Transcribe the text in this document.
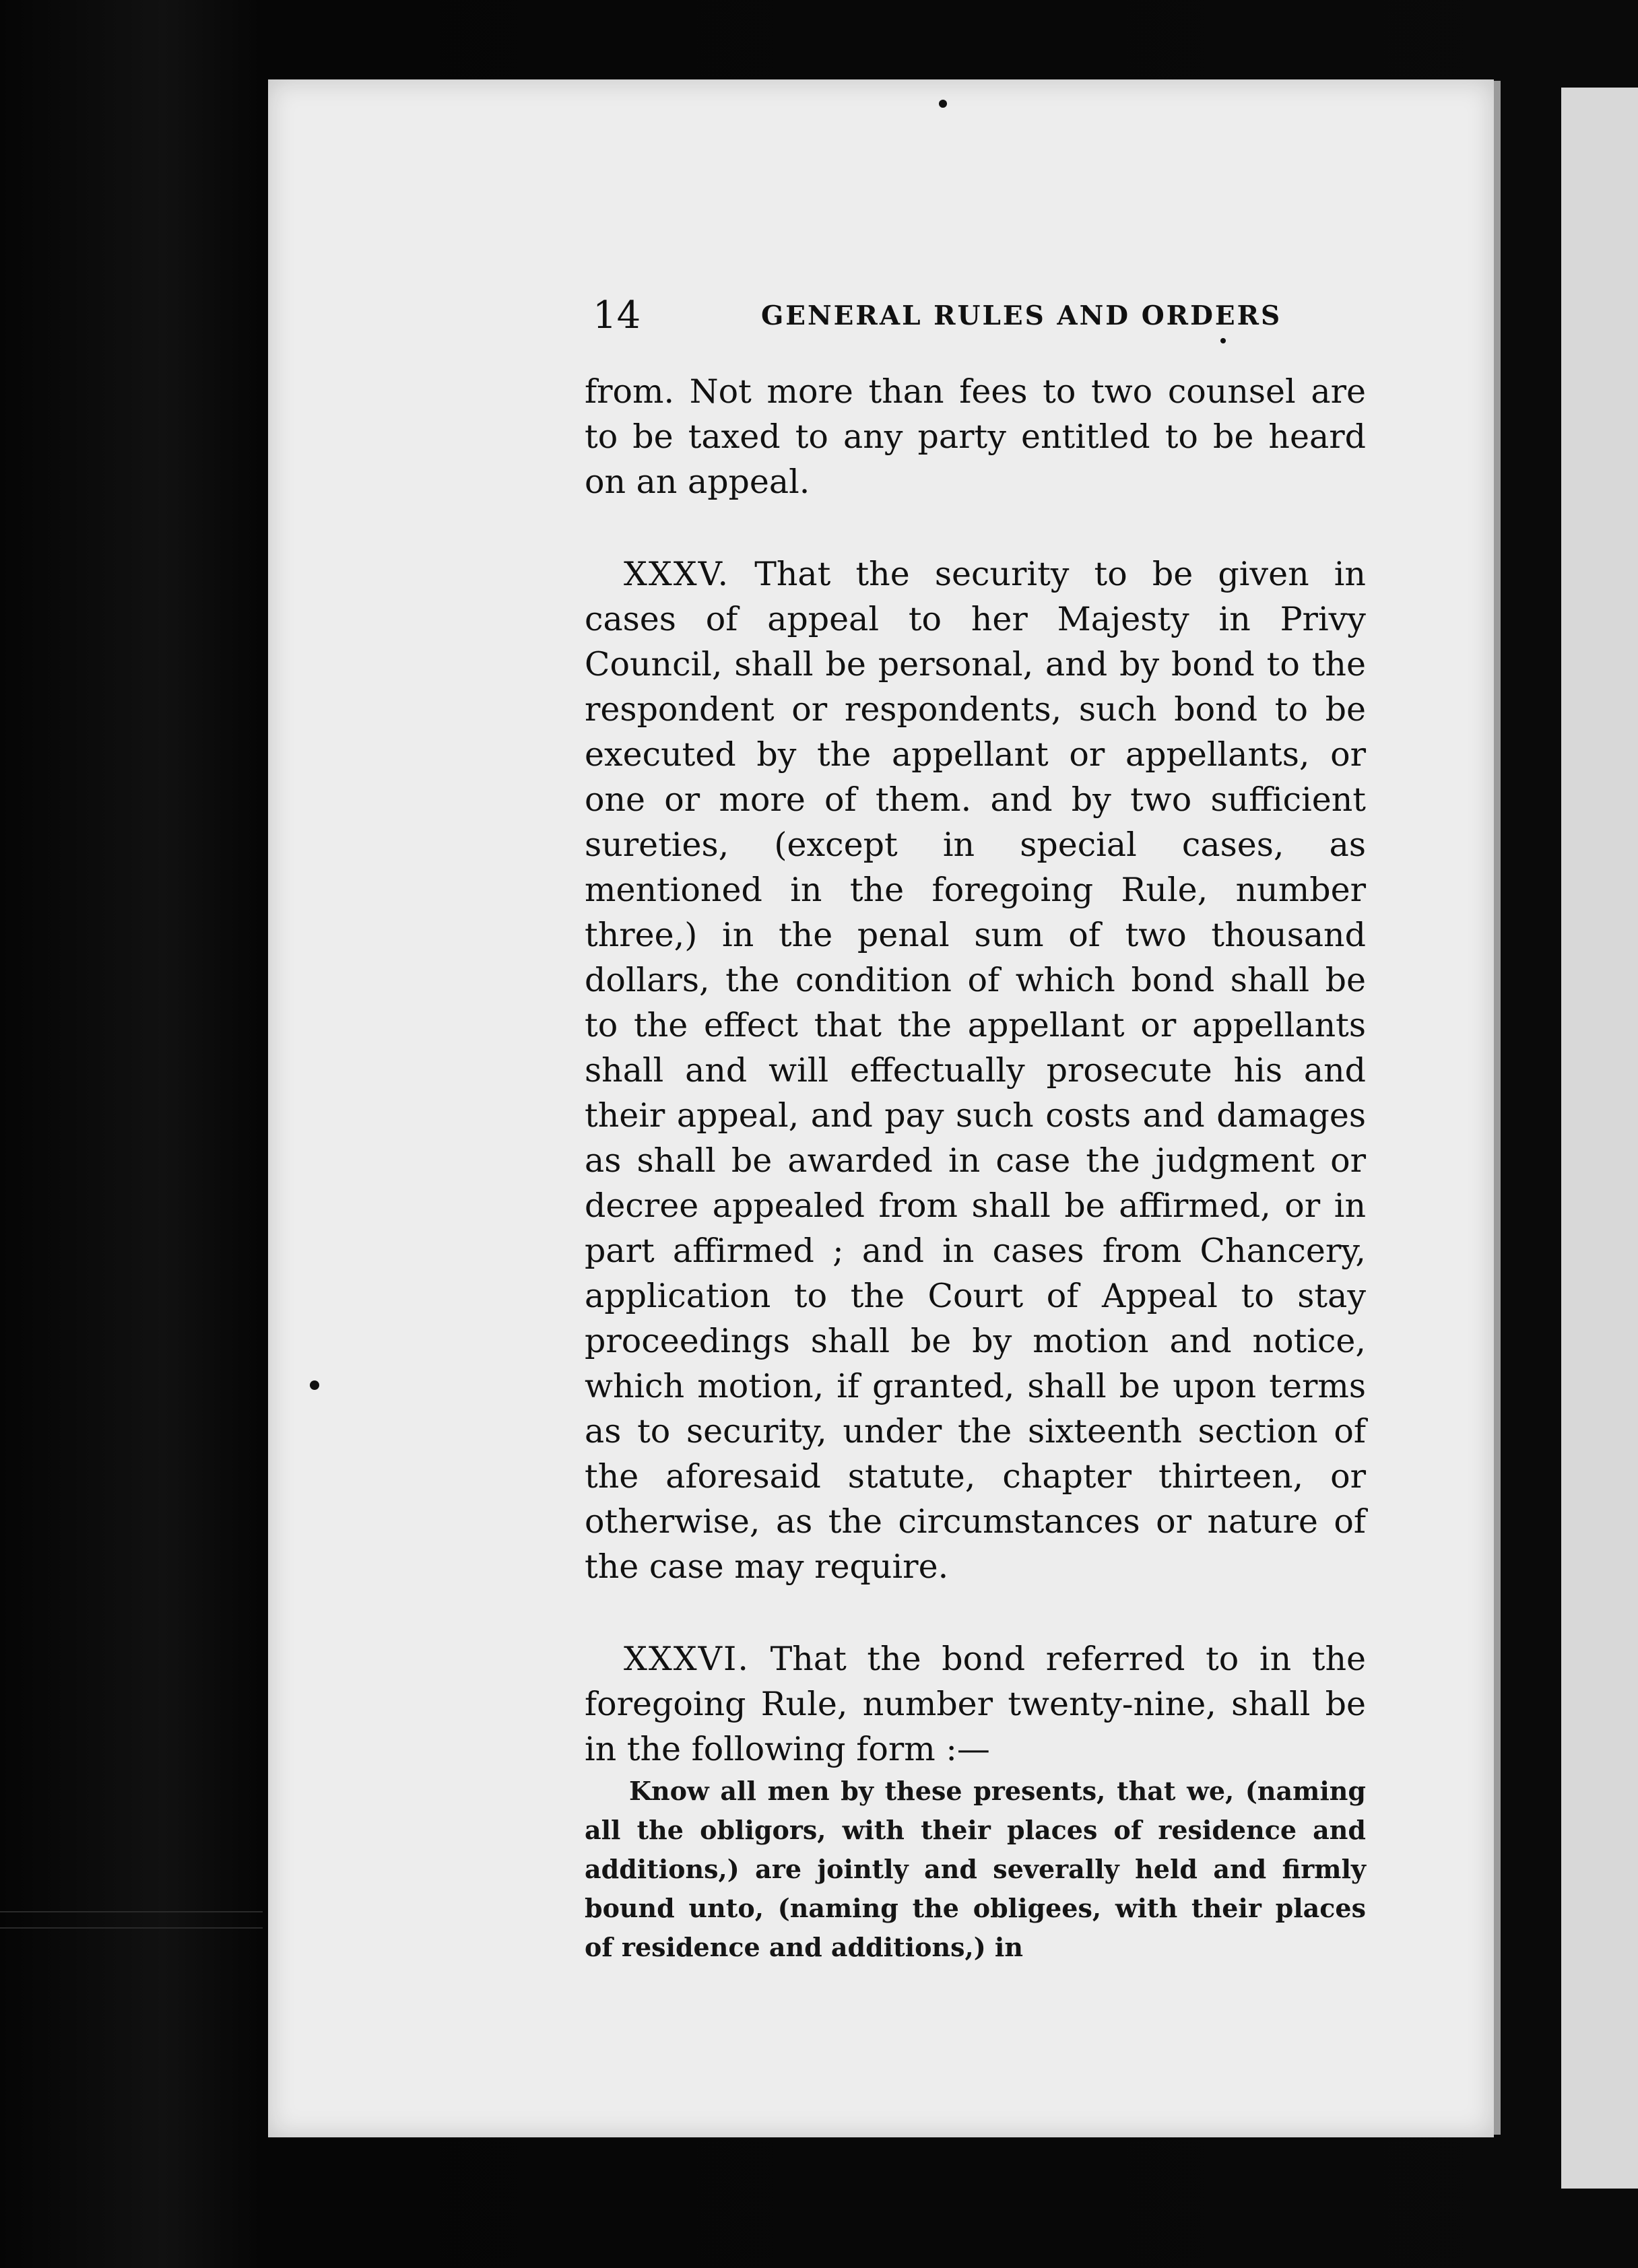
14	GENERAL RULES AND ORDERS

from. Not more than fees to two counsel are to be taxed to any party entitled to be heard on an appeal.

XXXV. That the security to be given in cases of appeal to her Majesty in Privy Council, shall be personal, and by bond to the respondent or respondents, such bond to be executed by the appellant or appellants, or one or more of them. and by two sufficient sureties, (except in special cases, as mentioned in the foregoing Rule, number three,) in the penal sum of two thousand dollars, the condition of which bond shall be to the effect that the appellant or appellants shall and will effectually prosecute his and their appeal, and pay such costs and damages as shall be awarded in case the judgment or decree appealed from shall be affirmed, or in part affirmed ; and in cases from Chancery, application to the Court of Appeal to stay proceedings shall be by motion and notice, which motion, if granted, shall be upon terms as to security, under the sixteenth section of the aforesaid statute, chapter thirteen, or otherwise, as the circumstances or nature of the case may require.

XXXVI. That the bond referred to in the foregoing Rule, number twenty-nine, shall be in the following form :—

Know all men by these presents, that we, (naming all the obligors, with their places of residence and additions,) are jointly and severally held and firmly bound unto, (naming the obligees, with their places of residence and additions,) in
